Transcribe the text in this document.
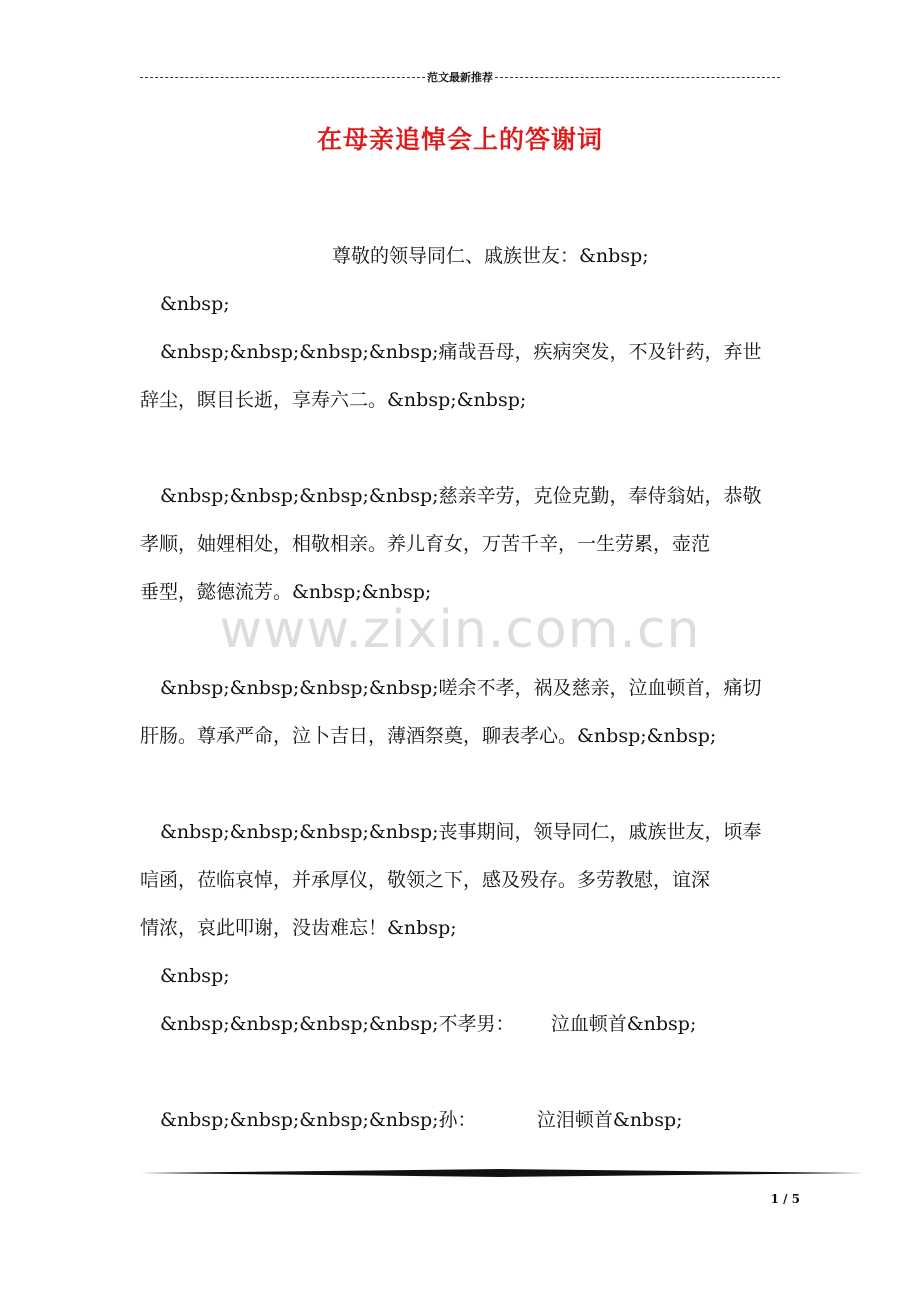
范文最新推荐
在母亲追悼会上的答谢词
www.zixin.com.cn
尊敬的领导同仁、戚族世友：&nbsp;
&nbsp;
&nbsp;&nbsp;&nbsp;&nbsp;痛哉吾母，疾病突发，不及针药，弃世
辞尘，瞑目长逝，享寿六二。&nbsp;&nbsp;
&nbsp;&nbsp;&nbsp;&nbsp;慈亲辛劳，克俭克勤，奉侍翁姑，恭敬
孝顺，妯娌相处，相敬相亲。养儿育女，万苦千辛，一生劳累，壶范
垂型，懿德流芳。&nbsp;&nbsp;
&nbsp;&nbsp;&nbsp;&nbsp;嗟余不孝，祸及慈亲，泣血顿首，痛切
肝肠。尊承严命，泣卜吉日，薄酒祭奠，聊表孝心。&nbsp;&nbsp;
&nbsp;&nbsp;&nbsp;&nbsp;丧事期间，领导同仁，戚族世友，顷奉
唁函，莅临哀悼，并承厚仪，敬领之下，感及殁存。多劳教慰，谊深
情浓，哀此叩谢，没齿难忘！&nbsp;
&nbsp;
&nbsp;&nbsp;&nbsp;&nbsp;不孝男：      泣血顿首&nbsp;
&nbsp;&nbsp;&nbsp;&nbsp;孙：          泣泪顿首&nbsp;
1 / 5
